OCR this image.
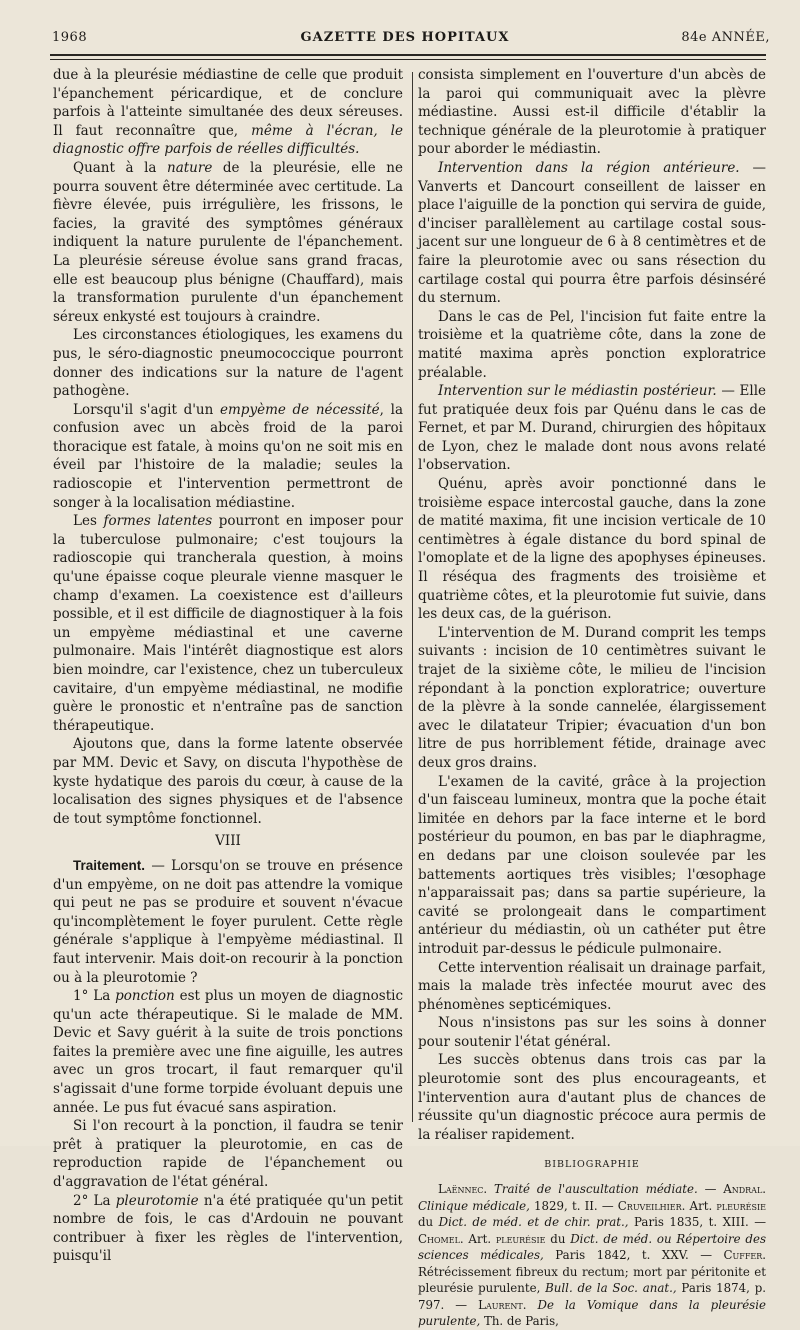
1968	GAZETTE DES HOPITAUX	84e ANNÉE,

due à la pleurésie médiastine de celle que produit l'épanchement péricardique, et de conclure parfois à l'atteinte simultanée des deux séreuses. Il faut reconnaître que, même à l'écran, le diagnostic offre parfois de réelles difficultés.

Quant à la nature de la pleurésie, elle ne pourra souvent être déterminée avec certitude. La fièvre élevée, puis irrégulière, les frissons, le facies, la gravité des symptômes généraux indiquent la nature purulente de l'épanchement. La pleurésie séreuse évolue sans grand fracas, elle est beaucoup plus bénigne (Chauffard), mais la transformation purulente d'un épanchement séreux enkysté est toujours à craindre.

Les circonstances étiologiques, les examens du pus, le séro-diagnostic pneumococcique pourront donner des indications sur la nature de l'agent pathogène.

Lorsqu'il s'agit d'un empyème de nécessité, la confusion avec un abcès froid de la paroi thoracique est fatale, à moins qu'on ne soit mis en éveil par l'histoire de la maladie; seules la radioscopie et l'intervention permettront de songer à la localisation médiastine.

Les formes latentes pourront en imposer pour la tuberculose pulmonaire; c'est toujours la radioscopie qui trancherala question, à moins qu'une épaisse coque pleurale vienne masquer le champ d'examen. La coexistence est d'ailleurs possible, et il est difficile de diagnostiquer à la fois un empyème médiastinal et une caverne pulmonaire. Mais l'intérêt diagnostique est alors bien moindre, car l'existence, chez un tuberculeux cavitaire, d'un empyème médiastinal, ne modifie guère le pronostic et n'entraîne pas de sanction thérapeutique.

Ajoutons que, dans la forme latente observée par MM. Devic et Savy, on discuta l'hypothèse de kyste hydatique des parois du cœur, à cause de la localisation des signes physiques et de l'absence de tout symptôme fonctionnel.

VIII

Traitement. — Lorsqu'on se trouve en présence d'un empyème, on ne doit pas attendre la vomique qui peut ne pas se produire et souvent n'évacue qu'incomplètement le foyer purulent. Cette règle générale s'applique à l'empyème médiastinal. Il faut intervenir. Mais doit-on recourir à la ponction ou à la pleurotomie ?

1° La ponction est plus un moyen de diagnostic qu'un acte thérapeutique. Si le malade de MM. Devic et Savy guérit à la suite de trois ponctions faites la première avec une fine aiguille, les autres avec un gros trocart, il faut remarquer qu'il s'agissait d'une forme torpide évoluant depuis une année. Le pus fut évacué sans aspiration.

Si l'on recourt à la ponction, il faudra se tenir prêt à pratiquer la pleurotomie, en cas de reproduction rapide de l'épanchement ou d'aggravation de l'état général.

2° La pleurotomie n'a été pratiquée qu'un petit nombre de fois, le cas d'Ardouin ne pouvant contribuer à fixer les règles de l'intervention, puisqu'il

consista simplement en l'ouverture d'un abcès de la paroi qui communiquait avec la plèvre médiastine. Aussi est-il difficile d'établir la technique générale de la pleurotomie à pratiquer pour aborder le médiastin.

Intervention dans la région antérieure. — Vanverts et Dancourt conseillent de laisser en place l'aiguille de la ponction qui servira de guide, d'inciser parallèlement au cartilage costal sous-jacent sur une longueur de 6 à 8 centimètres et de faire la pleurotomie avec ou sans résection du cartilage costal qui pourra être parfois désinséré du sternum.

Dans le cas de Pel, l'incision fut faite entre la troisième et la quatrième côte, dans la zone de matité maxima après ponction exploratrice préalable.

Intervention sur le médiastin postérieur. — Elle fut pratiquée deux fois par Quénu dans le cas de Fernet, et par M. Durand, chirurgien des hôpitaux de Lyon, chez le malade dont nous avons relaté l'observation.

Quénu, après avoir ponctionné dans le troisième espace intercostal gauche, dans la zone de matité maxima, fit une incision verticale de 10 centimètres à égale distance du bord spinal de l'omoplate et de la ligne des apophyses épineuses. Il réséqua des fragments des troisième et quatrième côtes, et la pleurotomie fut suivie, dans les deux cas, de la guérison.

L'intervention de M. Durand comprit les temps suivants : incision de 10 centimètres suivant le trajet de la sixième côte, le milieu de l'incision répondant à la ponction exploratrice; ouverture de la plèvre à la sonde cannelée, élargissement avec le dilatateur Tripier; évacuation d'un bon litre de pus horriblement fétide, drainage avec deux gros drains.

L'examen de la cavité, grâce à la projection d'un faisceau lumineux, montra que la poche était limitée en dehors par la face interne et le bord postérieur du poumon, en bas par le diaphragme, en dedans par une cloison soulevée par les battements aortiques très visibles; l'œsophage n'apparaissait pas; dans sa partie supérieure, la cavité se prolongeait dans le compartiment antérieur du médiastin, où un cathéter put être introduit par-dessus le pédicule pulmonaire.

Cette intervention réalisait un drainage parfait, mais la malade très infectée mourut avec des phénomènes septicémiques.

Nous n'insistons pas sur les soins à donner pour soutenir l'état général.

Les succès obtenus dans trois cas par la pleurotomie sont des plus encourageants, et l'intervention aura d'autant plus de chances de réussite qu'un diagnostic précoce aura permis de la réaliser rapidement.

BIBLIOGRAPHIE

Laënnec. Traité de l'auscultation médiate. — Andral. Clinique médicale, 1829, t. II. — Cruveilhier. Art. pleurésie du Dict. de méd. et de chir. prat., Paris 1835, t. XIII. — Chomel. Art. pleurésie du Dict. de méd. ou Répertoire des sciences médicales, Paris 1842, t. XXV. — Cuffer. Rétrécissement fibreux du rectum; mort par péritonite et pleurésie purulente, Bull. de la Soc. anat., Paris 1874, p. 797. — Laurent. De la Vomique dans la pleurésie purulente, Th. de Paris,
